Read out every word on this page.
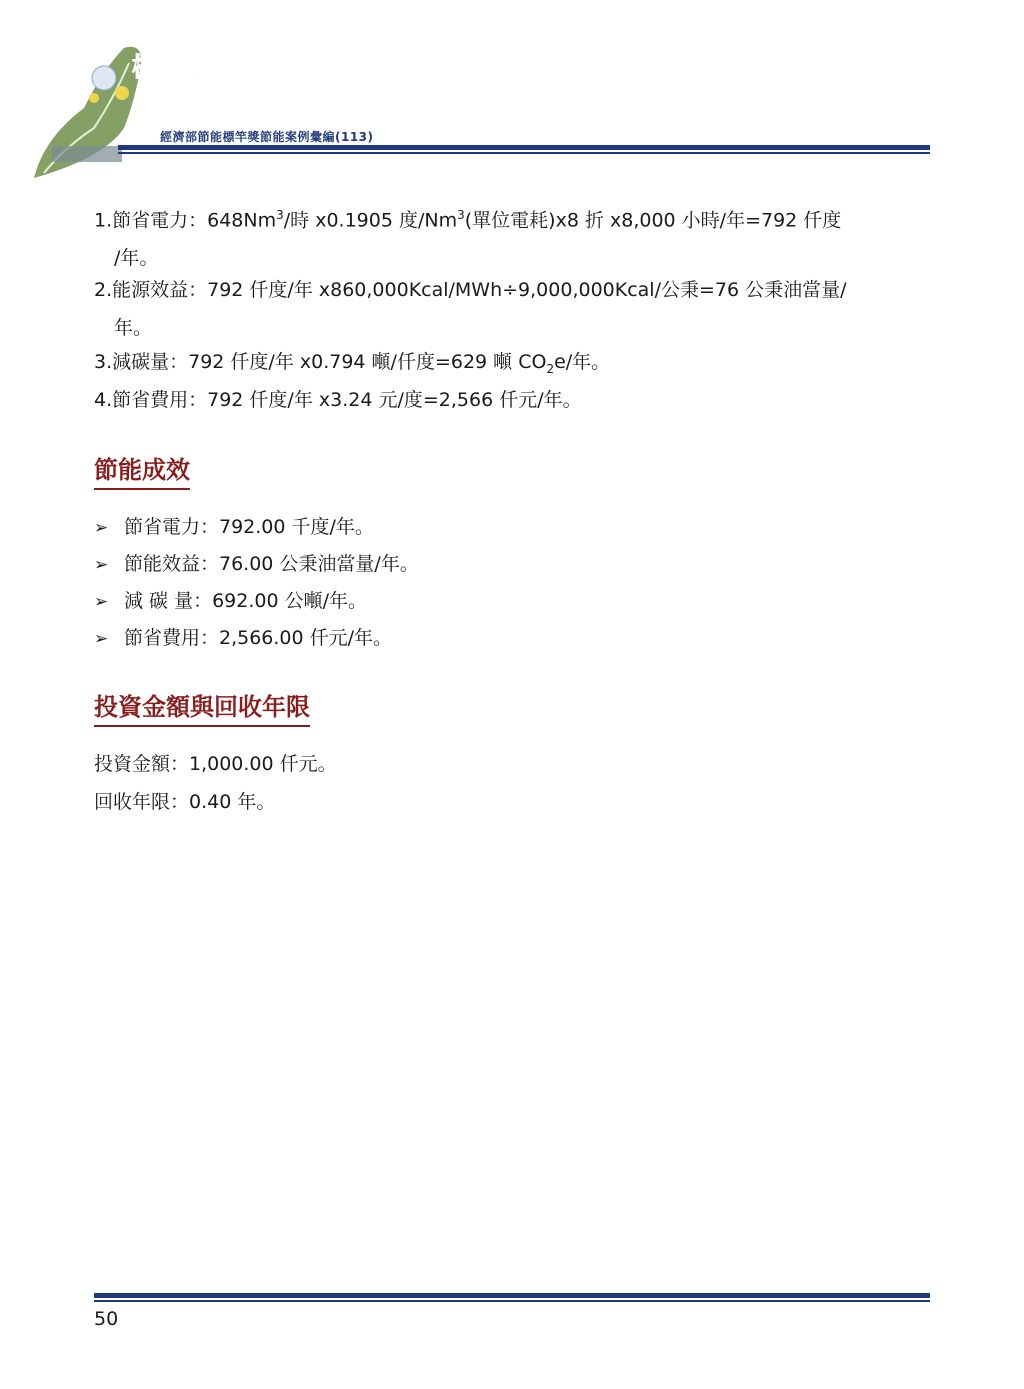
標竿引領
智慧節能
經濟部節能標竿獎節能案例彙編(113)
1.節省電力：648Nm$^3$/時 x0.1905 度/Nm$^3$(單位電耗)x8 折 x8,000 小時/年=792 仟度
/年。
2.能源效益：792 仟度/年 x860,000Kcal/MWh÷9,000,000Kcal/公秉=76 公秉油當量/
年。
3.減碳量：792 仟度/年 x0.794 噸/仟度=629 噸 $CO_2e/$年。
4.節省費用：792 仟度/年 x3.24 元/度=2,566 仟元/年。
節能成效
➢ 節省電力：792.00 千度/年。
➢ 節能效益：76.00 公秉油當量/年。
➢ 減 碳 量：692.00 公噸/年。
➢ 節省費用：2,566.00 仟元/年。
投資金額與回收年限
投資金額：1,000.00 仟元。
回收年限：0.40 年。
50
